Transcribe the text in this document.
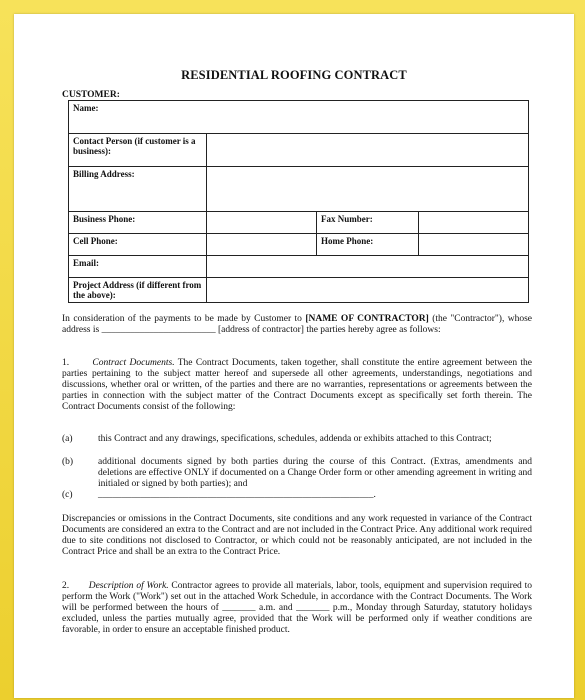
RESIDENTIAL ROOFING CONTRACT
CUSTOMER:
Name:			
Contact Person (if customer is a business):			
Billing Address:			
Business Phone:		Fax Number:	
Cell Phone:		Home Phone:	
Email:			
Project Address (if different from the above):			
In consideration of the payments to be made by Customer to [NAME OF CONTRACTOR] (the "Contractor"), whose address is ________________________ [address of contractor] the parties hereby agree as follows:
1. Contract Documents. The Contract Documents, taken together, shall constitute the entire agreement between the parties pertaining to the subject matter hereof and supersede all other agreements, understandings, negotiations and discussions, whether oral or written, of the parties and there are no warranties, representations or agreements between the parties in connection with the subject matter of the Contract Documents except as specifically set forth therein. The Contract Documents consist of the following:
(a)	this Contract and any drawings, specifications, schedules, addenda or exhibits attached to this Contract;
(b)	additional documents signed by both parties during the course of this Contract. (Extras, amendments and deletions are effective ONLY if documented on a Change Order form or other amending agreement in writing and initialed or signed by both parties); and
(c)	__________________________________________________________.
Discrepancies or omissions in the Contract Documents, site conditions and any work requested in variance of the Contract Documents are considered an extra to the Contract and are not included in the Contract Price. Any additional work required due to site conditions not disclosed to Contractor, or which could not be reasonably anticipated, are not included in the Contract Price and shall be an extra to the Contract Price.
2. Description of Work. Contractor agrees to provide all materials, labor, tools, equipment and supervision required to perform the Work ("Work") set out in the attached Work Schedule, in accordance with the Contract Documents. The Work will be performed between the hours of _______ a.m. and _______ p.m., Monday through Saturday, statutory holidays excluded, unless the parties mutually agree, provided that the Work will be performed only if weather conditions are favorable, in order to ensure an acceptable finished product.
